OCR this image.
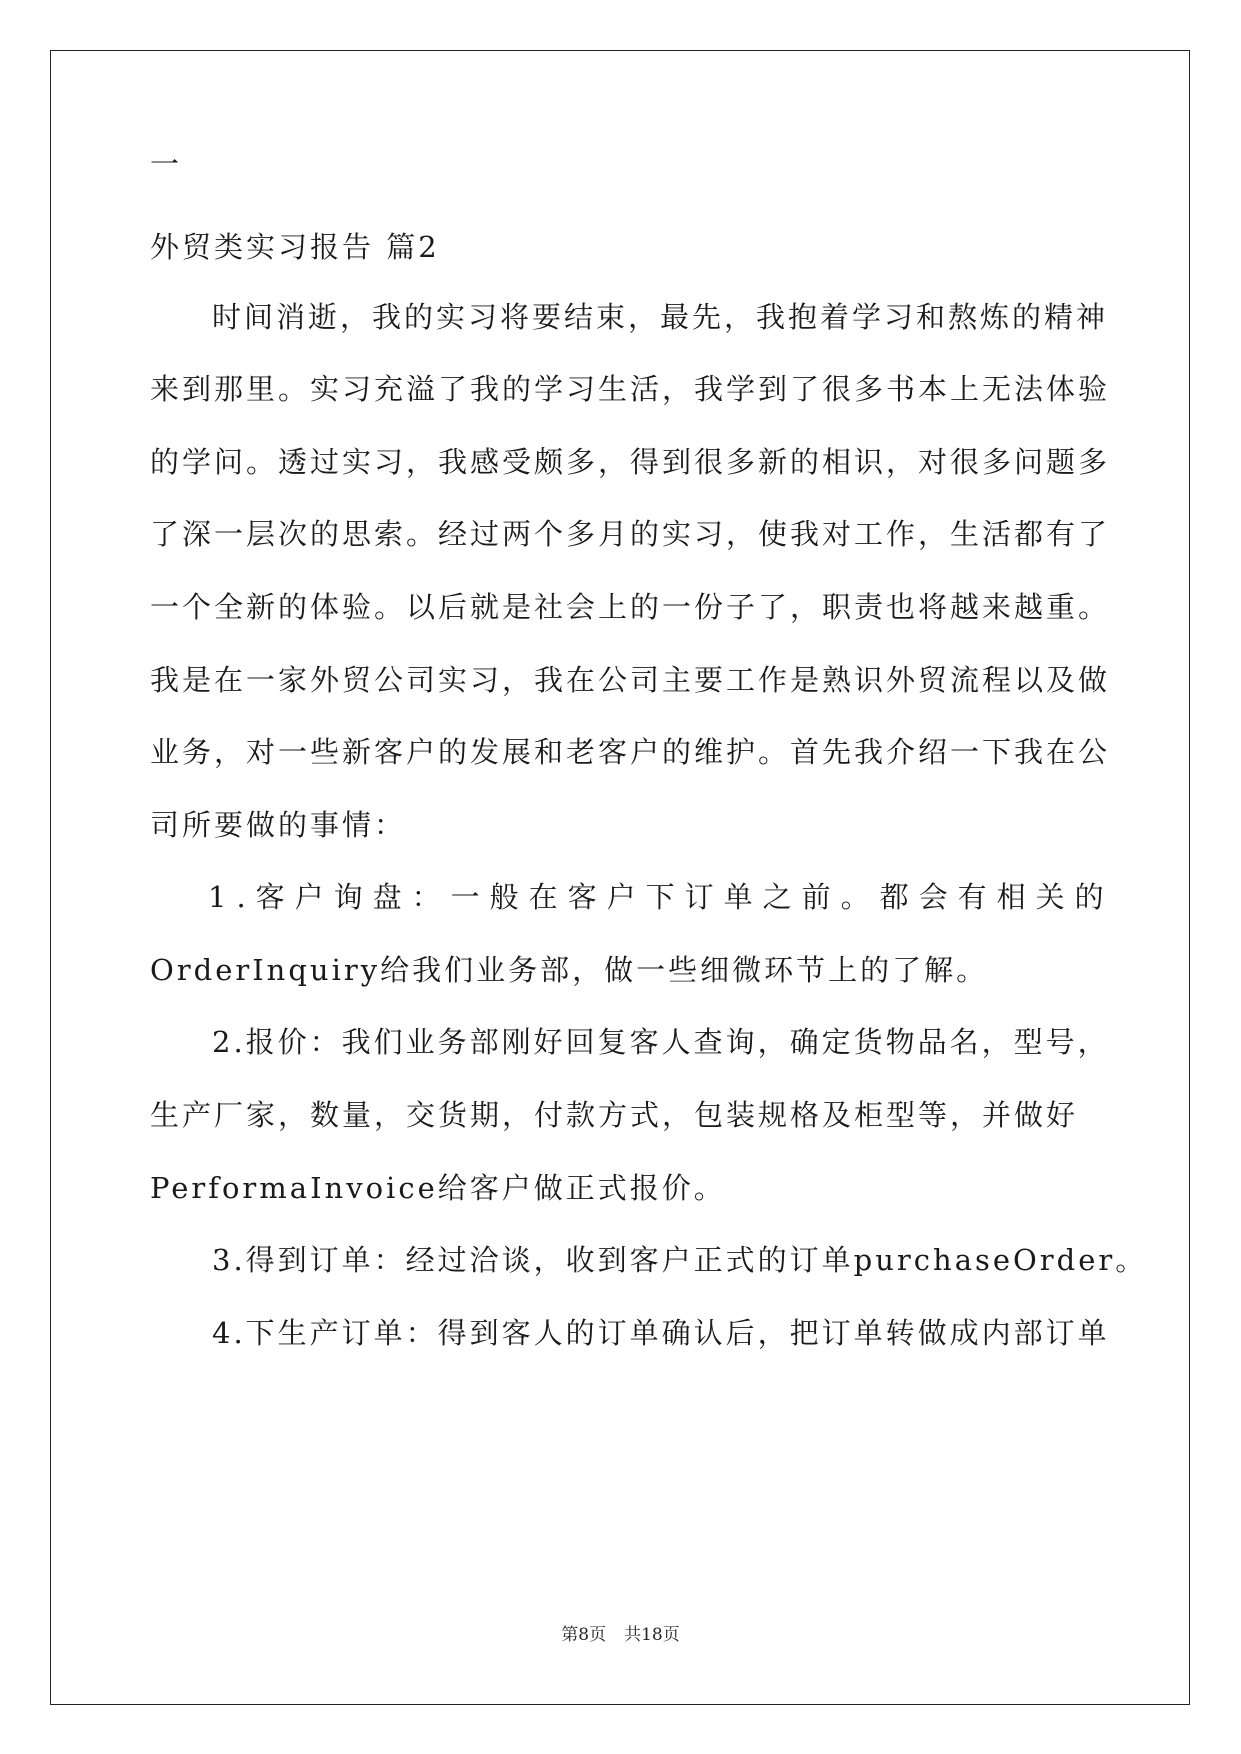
一
外贸类实习报告 篇2
时间消逝，我的实习将要结束，最先，我抱着学习和熬炼的精神
来到那里。实习充溢了我的学习生活，我学到了很多书本上无法体验
的学问。透过实习，我感受颇多，得到很多新的相识，对很多问题多
了深一层次的思索。经过两个多月的实习，使我对工作，生活都有了
一个全新的体验。以后就是社会上的一份子了，职责也将越来越重。
我是在一家外贸公司实习，我在公司主要工作是熟识外贸流程以及做
业务，对一些新客户的发展和老客户的维护。首先我介绍一下我在公
司所要做的事情：
1.客户询盘：一般在客户下订单之前。都会有相关的
OrderInquiry给我们业务部，做一些细微环节上的了解。
2.报价：我们业务部刚好回复客人查询，确定货物品名，型号，
生产厂家，数量，交货期，付款方式，包装规格及柜型等，并做好
PerformaInvoice给客户做正式报价。
3.得到订单：经过洽谈，收到客户正式的订单purchaseOrder。
4.下生产订单：得到客人的订单确认后，把订单转做成内部订单
第8页 共18页
